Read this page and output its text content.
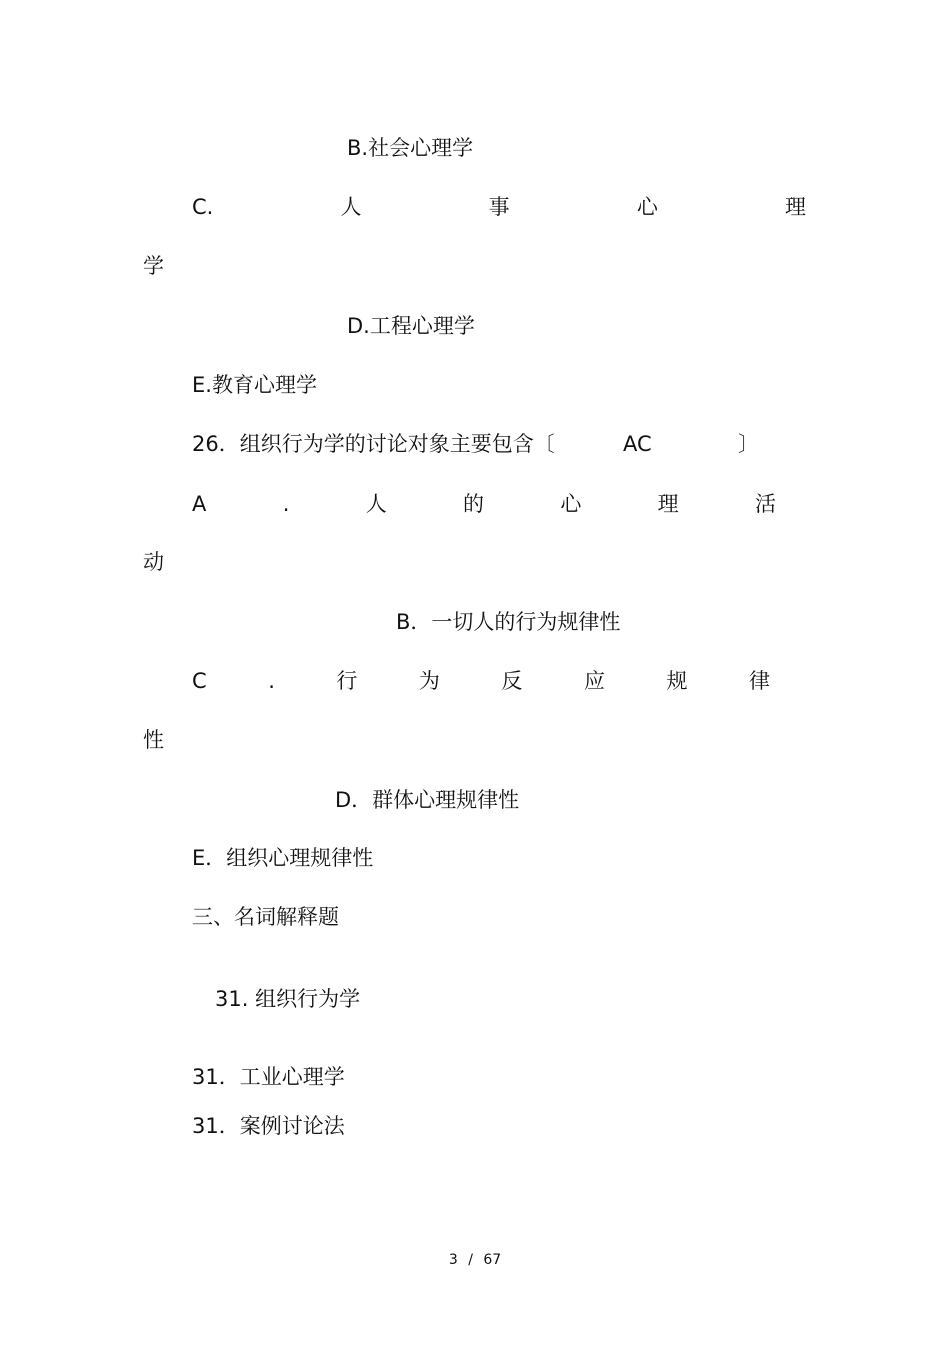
B.社会心理学
C.	人	事	心	理
学
D.工程心理学
E.教育心理学
26．组织行为学的讨论对象主要包含〔	AC	〕
A	.	人	的	心	理	活
动
B．一切人的行为规律性
C	.	行	为	反	应	规	律
性
D．群体心理规律性
E．组织心理规律性
三、名词解释题
31. 组织行为学
31．工业心理学
31．案例讨论法
3 / 67
